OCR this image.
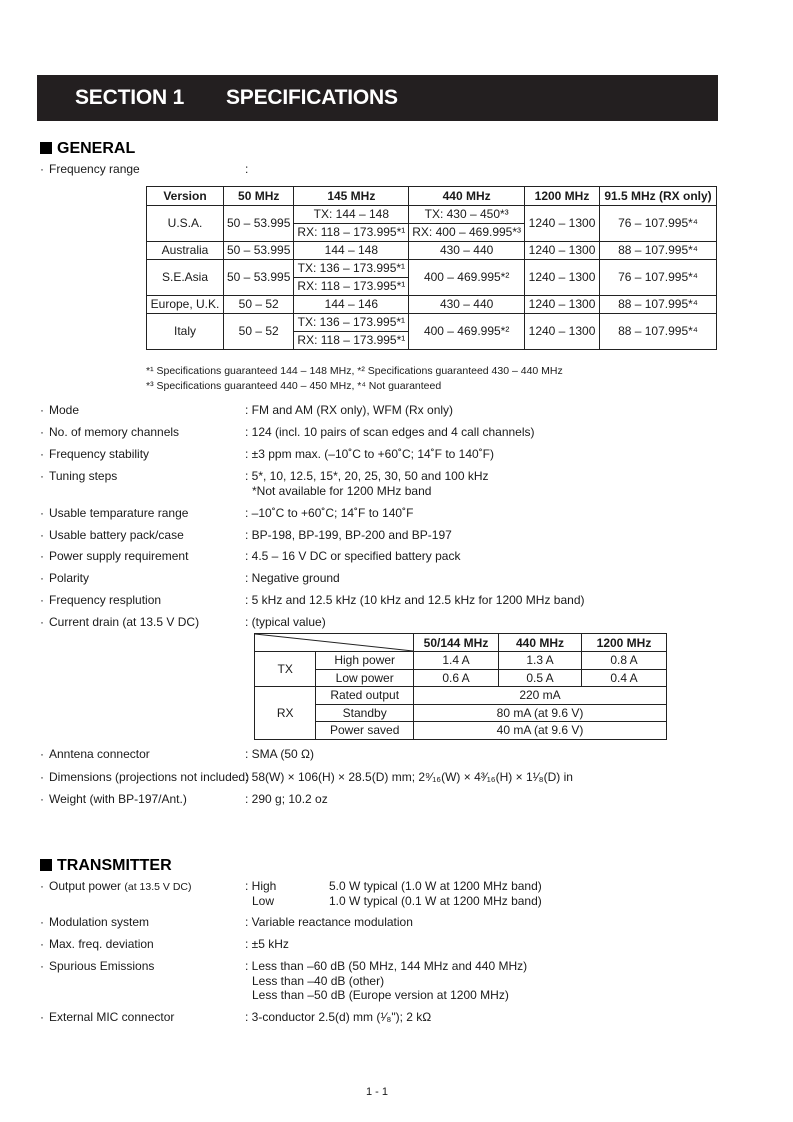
SECTION 1 SPECIFICATIONS
GENERAL
· Frequency range	:
Version	50 MHz	145 MHz	440 MHz	1200 MHz	91.5 MHz (RX only)
U.S.A.	50 – 53.995	TX: 144 – 148	TX: 430 – 450*³	1240 – 1300	76 – 107.995*⁴
		RX: 118 – 173.995*¹	RX: 400 – 469.995*³		
Australia	50 – 53.995	144 – 148	430 – 440	1240 – 1300	88 – 107.995*⁴
S.E.Asia	50 – 53.995	TX: 136 – 173.995*¹	400 – 469.995*²	1240 – 1300	76 – 107.995*⁴
		RX: 118 – 173.995*¹			
Europe, U.K.	50 – 52	144 – 146	430 – 440	1240 – 1300	88 – 107.995*⁴
Italy	50 – 52	TX: 136 – 173.995*¹	400 – 469.995*²	1240 – 1300	88 – 107.995*⁴
		RX: 118 – 173.995*¹			
*¹ Specifications guaranteed 144 – 148 MHz, *² Specifications guaranteed 430 – 440 MHz
*³ Specifications guaranteed 440 – 450 MHz, *⁴ Not guaranteed
· Mode	: FM and AM (RX only), WFM (Rx only)
· No. of memory channels	: 124 (incl. 10 pairs of scan edges and 4 call channels)
· Frequency stability	: ±3 ppm max. (–10˚C to +60˚C; 14˚F to 140˚F)
· Tuning steps	: 5*, 10, 12.5, 15*, 20, 25, 30, 50 and 100 kHz
*Not available for 1200 MHz band
· Usable temparature range	: –10˚C to +60˚C; 14˚F to 140˚F
· Usable battery pack/case	: BP-198, BP-199, BP-200 and BP-197
· Power supply requirement	: 4.5 – 16 V DC or specified battery pack
· Polarity	: Negative ground
· Frequency resplution	: 5 kHz and 12.5 kHz (10 kHz and 12.5 kHz for 1200 MHz band)
· Current drain (at 13.5 V DC)	: (typical value)
	50/144 MHz	440 MHz	1200 MHz
TX	High power	1.4 A	1.3 A	0.8 A
	Low power	0.6 A	0.5 A	0.4 A
RX	Rated output	220 mA		
	Standby	80 mA (at 9.6 V)		
	Power saved	40 mA (at 9.6 V)		
· Anntena connector	: SMA (50 Ω)
· Dimensions (projections not included)
: 58(W) × 106(H) × 28.5(D) mm; 2⁹⁄₁₆(W) × 4³⁄₁₆(H) × 1¹⁄₈(D) in
· Weight (with BP-197/Ant.)	: 290 g; 10.2 oz
TRANSMITTER
· Output power (at 13.5 V DC)	: High	5.0 W typical (1.0 W at 1200 MHz band)
Low	1.0 W typical (0.1 W at 1200 MHz band)
· Modulation system	: Variable reactance modulation
· Max. freq. deviation	: ±5 kHz
· Spurious Emissions	: Less than –60 dB (50 MHz, 144 MHz and 440 MHz)
Less than –40 dB (other)
Less than –50 dB (Europe version at 1200 MHz)
· External MIC connector	: 3-conductor 2.5(d) mm (¹⁄₈"); 2 kΩ
1 - 1
